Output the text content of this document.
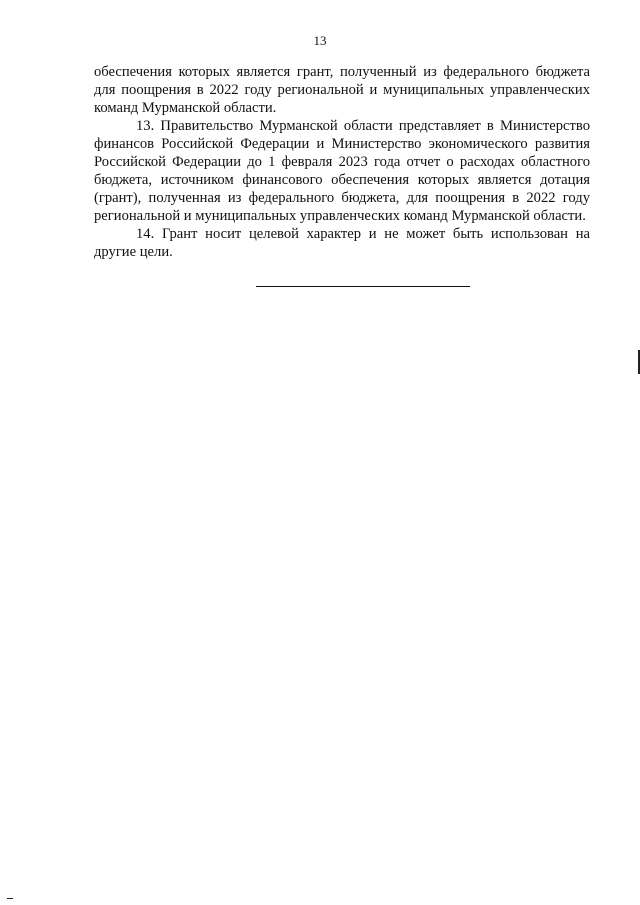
13

обеспечения которых является грант, полученный из федерального бюджета для поощрения в 2022 году региональной и муниципальных управленческих команд Мурманской области.

13. Правительство Мурманской области представляет в Министерство финансов Российской Федерации и Министерство экономического развития Российской Федерации до 1 февраля 2023 года отчет о расходах областного бюджета, источником финансового обеспечения которых является дотация (грант), полученная из федерального бюджета, для поощрения в 2022 году региональной и муниципальных управленческих команд Мурманской области.

14. Грант носит целевой характер и не может быть использован на другие цели.
